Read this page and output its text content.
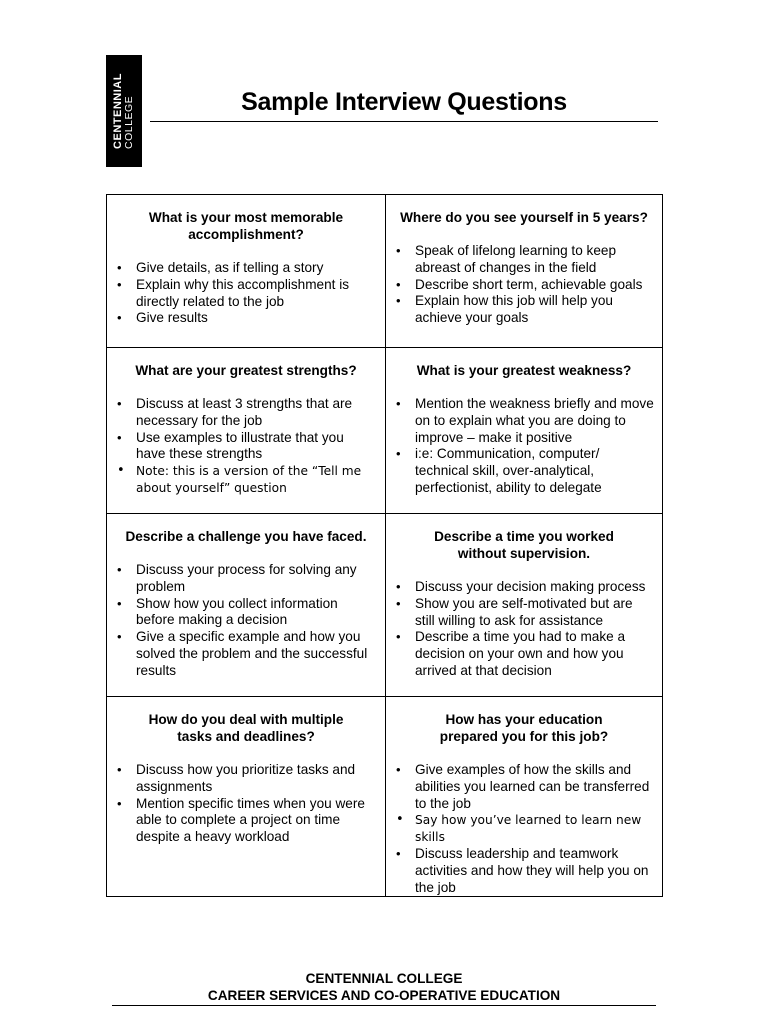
CENTENNIAL COLLEGE	Sample Interview Questions
What is your most memorable accomplishment?
• Give details, as if telling a story
• Explain why this accomplishment is directly related to the job
• Give results
Where do you see yourself in 5 years?
• Speak of lifelong learning to keep abreast of changes in the field
• Describe short term, achievable goals
• Explain how this job will help you achieve your goals
What are your greatest strengths?
• Discuss at least 3 strengths that are necessary for the job
• Use examples to illustrate that you have these strengths
• Note: this is a version of the “Tell me about yourself” question
What is your greatest weakness?
• Mention the weakness briefly and move on to explain what you are doing to improve – make it positive
• i:e: Communication, computer/ technical skill, over-analytical, perfectionist, ability to delegate
Describe a challenge you have faced.
• Discuss your process for solving any problem
• Show how you collect information before making a decision
• Give a specific example and how you solved the problem and the successful results
Describe a time you worked without supervision.
• Discuss your decision making process
• Show you are self-motivated but are still willing to ask for assistance
• Describe a time you had to make a decision on your own and how you arrived at that decision
How do you deal with multiple tasks and deadlines?
• Discuss how you prioritize tasks and assignments
• Mention specific times when you were able to complete a project on time despite a heavy workload
How has your education prepared you for this job?
• Give examples of how the skills and abilities you learned can be transferred to the job
• Say how you’ve learned to learn new skills
• Discuss leadership and teamwork activities and how they will help you on the job
CENTENNIAL COLLEGE
CAREER SERVICES AND CO-OPERATIVE EDUCATION
